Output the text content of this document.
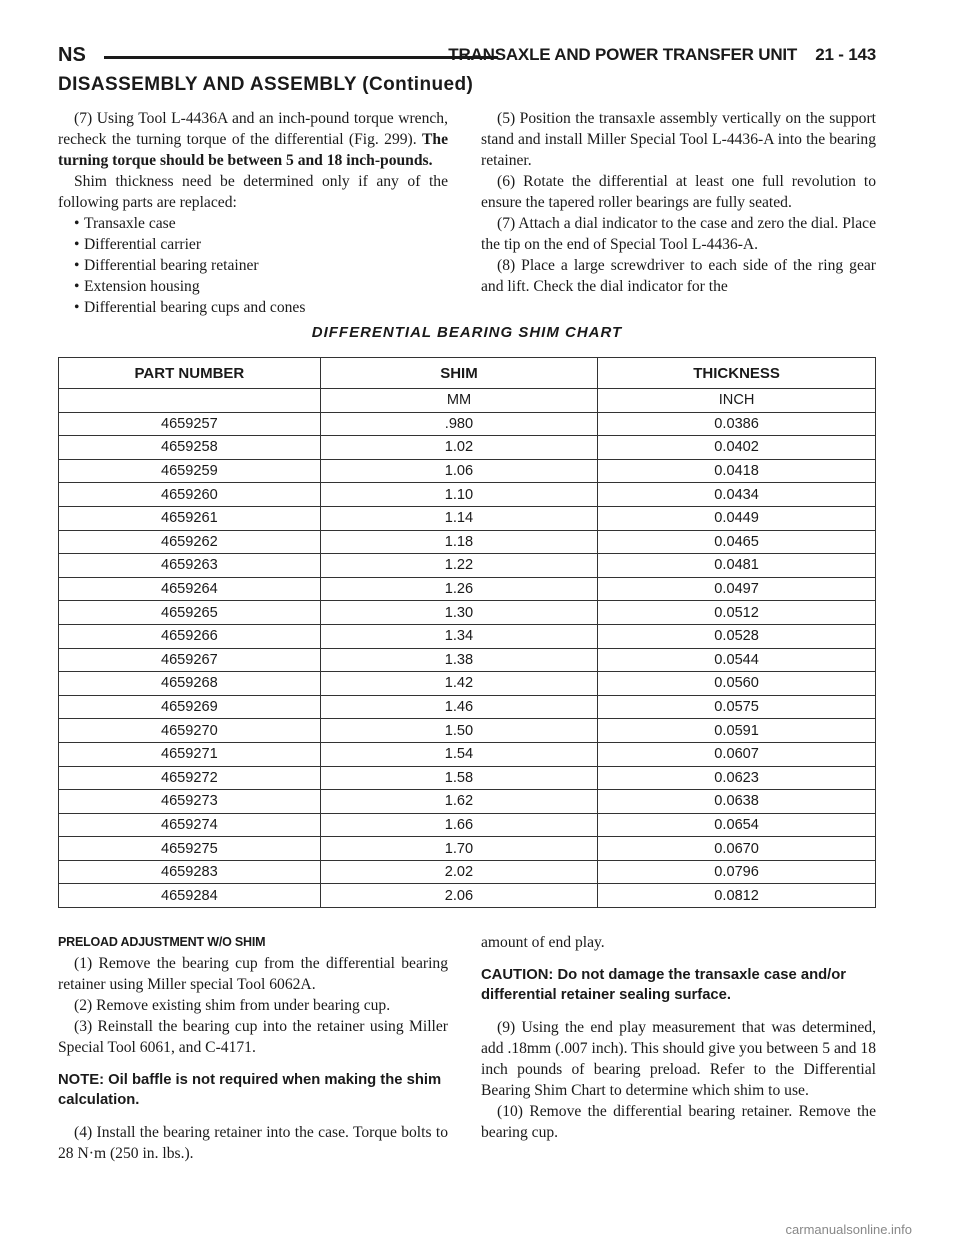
NS	TRANSAXLE AND POWER TRANSFER UNIT    21 - 143
DISASSEMBLY AND ASSEMBLY (Continued)

(7) Using Tool L-4436A and an inch-pound torque wrench, recheck the turning torque of the differential (Fig. 299). The turning torque should be between 5 and 18 inch-pounds.

Shim thickness need be determined only if any of the following parts are replaced:

• Transaxle case

• Differential carrier

• Differential bearing retainer

• Extension housing

• Differential bearing cups and cones

(5) Position the transaxle assembly vertically on the support stand and install Miller Special Tool L-4436-A into the bearing retainer.

(6) Rotate the differential at least one full revolution to ensure the tapered roller bearings are fully seated.

(7) Attach a dial indicator to the case and zero the dial. Place the tip on the end of Special Tool L-4436-A.

(8) Place a large screwdriver to each side of the ring gear and lift. Check the dial indicator for the

DIFFERENTIAL BEARING SHIM CHART
PART NUMBER	SHIM	THICKNESS
	MM	INCH
4659257	.980	0.0386
4659258	1.02	0.0402
4659259	1.06	0.0418
4659260	1.10	0.0434
4659261	1.14	0.0449
4659262	1.18	0.0465
4659263	1.22	0.0481
4659264	1.26	0.0497
4659265	1.30	0.0512
4659266	1.34	0.0528
4659267	1.38	0.0544
4659268	1.42	0.0560
4659269	1.46	0.0575
4659270	1.50	0.0591
4659271	1.54	0.0607
4659272	1.58	0.0623
4659273	1.62	0.0638
4659274	1.66	0.0654
4659275	1.70	0.0670
4659283	2.02	0.0796
4659284	2.06	0.0812

PRELOAD ADJUSTMENT W/O SHIM

(1) Remove the bearing cup from the differential bearing retainer using Miller special Tool 6062A.

(2) Remove existing shim from under bearing cup.

(3) Reinstall the bearing cup into the retainer using Miller Special Tool 6061, and C-4171.

NOTE: Oil baffle is not required when making the shim calculation.

(4) Install the bearing retainer into the case. Torque bolts to 28 N·m (250 in. lbs.).

amount of end play.

CAUTION: Do not damage the transaxle case and/or differential retainer sealing surface.

(9) Using the end play measurement that was determined, add .18mm (.007 inch). This should give you between 5 and 18 inch pounds of bearing preload. Refer to the Differential Bearing Shim Chart to determine which shim to use.

(10) Remove the differential bearing retainer. Remove the bearing cup.

carmanualsonline.info
